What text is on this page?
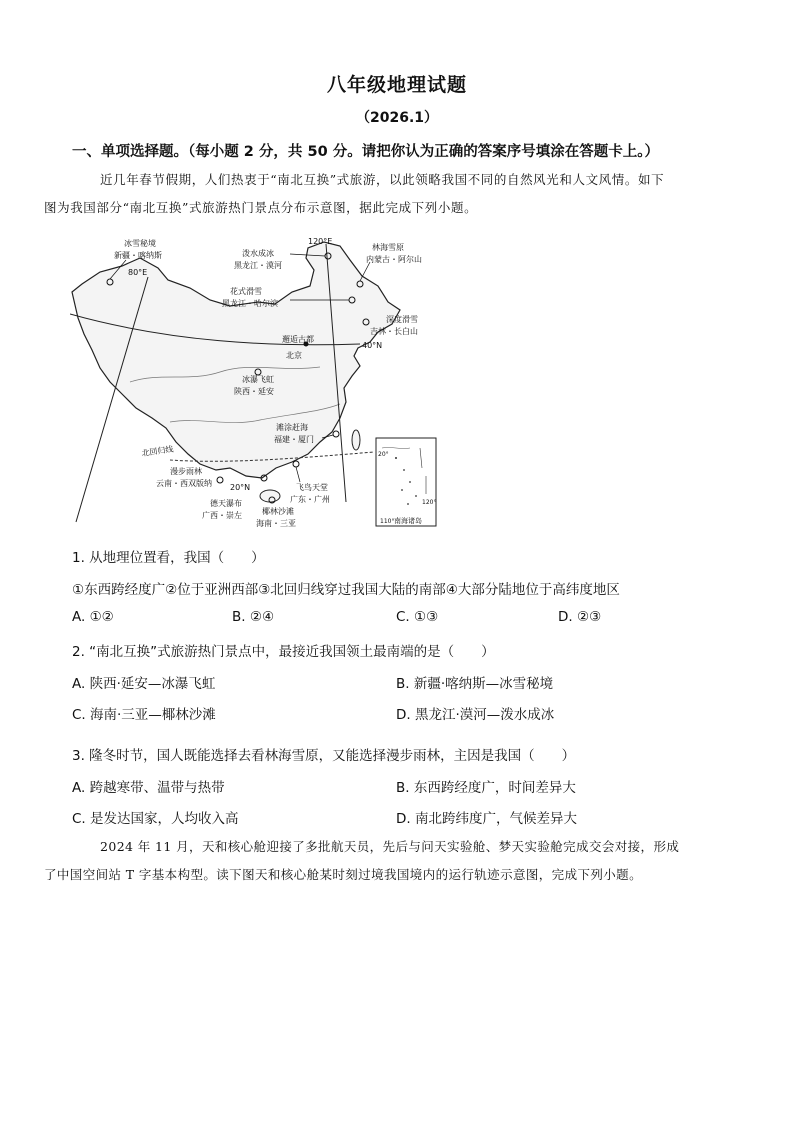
八年级地理试题
（2026.1）
一、单项选择题。（每小题 2 分，共 50 分。请把你认为正确的答案序号填涂在答题卡上。）
近几年春节假期，人们热衷于“南北互换”式旅游，以此领略我国不同的自然风光和人文风情。如下
图为我国部分“南北互换”式旅游热门景点分布示意图，据此完成下列小题。
40°N
120°E
80°E
北回归线
20°N
北京
冰雪秘境
新疆・喀纳斯	泼水成冰
黑龙江・漠河
林海雪原
内蒙古・阿尔山
花式滑雪
黑龙江・哈尔滨
深度滑雪
吉林・长白山
邂逅古都
冰瀑飞虹
陕西・延安
滩涂赶海
福建・厦门
漫步雨林
云南・西双版纳	飞鸟天堂
广东・广州
德天瀑布
广西・崇左	椰林沙滩
海南・三亚
20°
120°
110° 南海诸岛
1. 从地理位置看，我国（　　）
①东西跨经度广②位于亚洲西部③北回归线穿过我国大陆的南部④大部分陆地位于高纬度地区
A. ①②	B. ②④	C. ①③	D. ②③
2. “南北互换”式旅游热门景点中，最接近我国领土最南端的是（　　）
A. 陕西·延安—冰瀑飞虹	B. 新疆·喀纳斯—冰雪秘境
C. 海南·三亚—椰林沙滩	D. 黑龙江·漠河—泼水成冰
3. 隆冬时节，国人既能选择去看林海雪原，又能选择漫步雨林，主因是我国（　　）
A. 跨越寒带、温带与热带	B. 东西跨经度广，时间差异大
C. 是发达国家，人均收入高	D. 南北跨纬度广，气候差异大
2024 年 11 月，天和核心舱迎接了多批航天员，先后与问天实验舱、梦天实验舱完成交会对接，形成
了中国空间站 T 字基本构型。读下图天和核心舱某时刻过境我国境内的运行轨迹示意图，完成下列小题。
